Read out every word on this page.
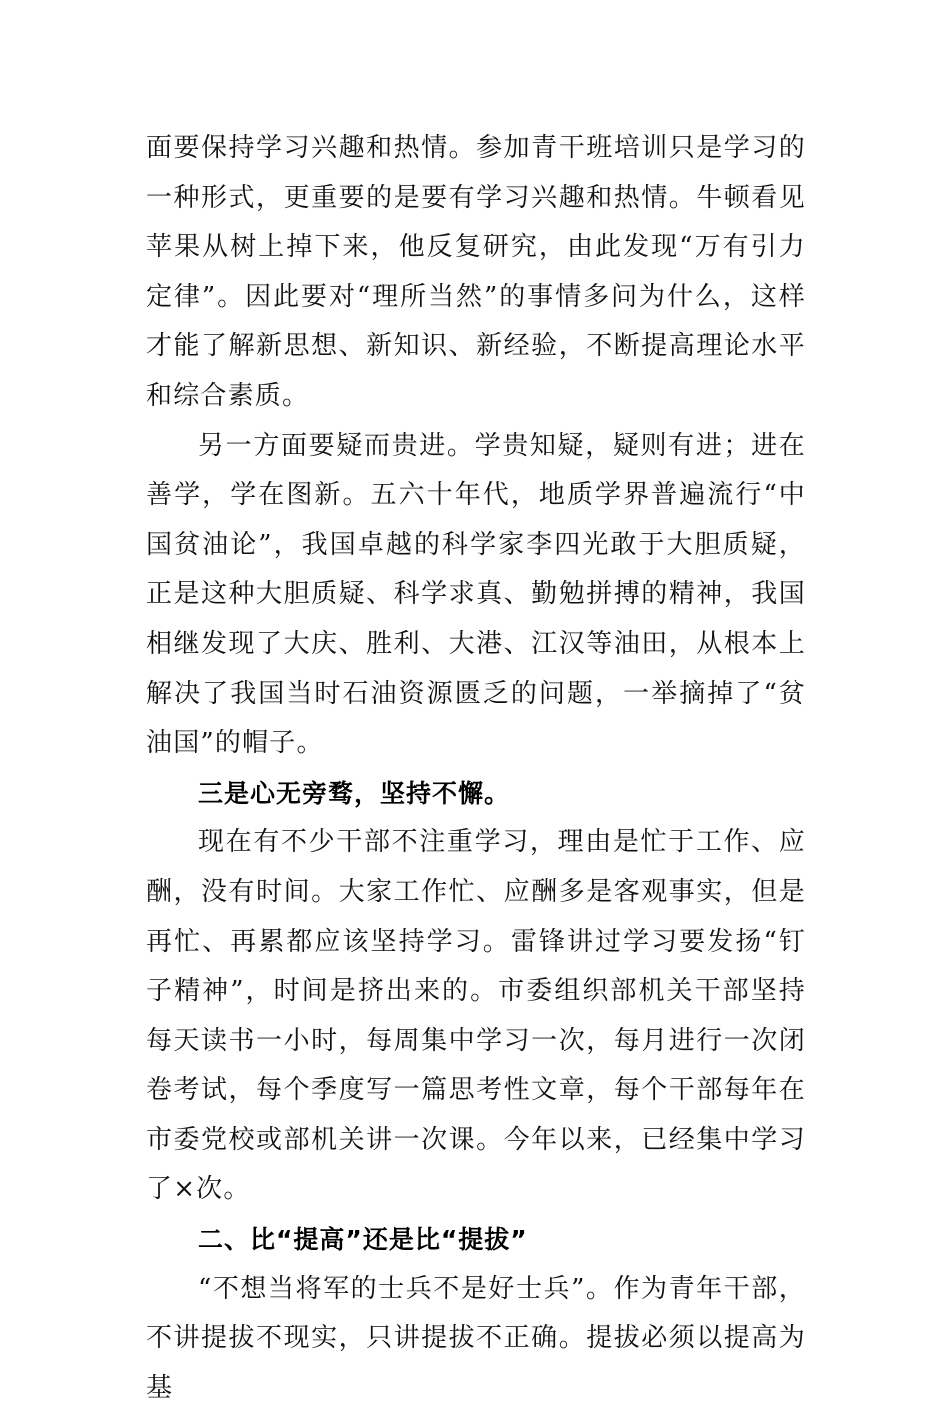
面要保持学习兴趣和热情。参加青干班培训只是学习的一种形式，更重要的是要有学习兴趣和热情。牛顿看见苹果从树上掉下来，他反复研究，由此发现“万有引力定律”。因此要对“理所当然”的事情多问为什么，这样才能了解新思想、新知识、新经验，不断提高理论水平和综合素质。

另一方面要疑而贵进。学贵知疑，疑则有进；进在善学，学在图新。五六十年代，地质学界普遍流行“中国贫油论”，我国卓越的科学家李四光敢于大胆质疑，正是这种大胆质疑、科学求真、勤勉拼搏的精神，我国相继发现了大庆、胜利、大港、江汉等油田，从根本上解决了我国当时石油资源匮乏的问题，一举摘掉了“贫油国”的帽子。

三是心无旁骛，坚持不懈。

现在有不少干部不注重学习，理由是忙于工作、应酬，没有时间。大家工作忙、应酬多是客观事实，但是再忙、再累都应该坚持学习。雷锋讲过学习要发扬“钉子精神”，时间是挤出来的。市委组织部机关干部坚持每天读书一小时，每周集中学习一次，每月进行一次闭卷考试，每个季度写一篇思考性文章，每个干部每年在市委党校或部机关讲一次课。今年以来，已经集中学习了×次。

二、比“提高”还是比“提拔”

“不想当将军的士兵不是好士兵”。作为青年干部，不讲提拔不现实，只讲提拔不正确。提拔必须以提高为基
